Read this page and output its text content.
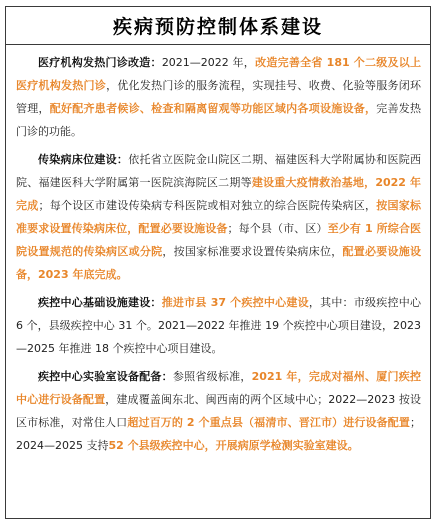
疾病预防控制体系建设

医疗机构发热门诊改造：2021—2022 年，改造完善全省 181 个二级及以上医疗机构发热门诊，优化发热门诊的服务流程，实现挂号、收费、化验等服务闭环管理，配好配齐患者候诊、检查和隔离留观等功能区域内各项设施设备，完善发热门诊的功能。

传染病床位建设：依托省立医院金山院区二期、福建医科大学附属协和医院西院、福建医科大学附属第一医院滨海院区二期等建设重大疫情救治基地，2022 年完成；每个设区市建设传染病专科医院或相对独立的综合医院传染病区，按国家标准要求设置传染病床位，配置必要设施设备；每个县（市、区）至少有 1 所综合医院设置规范的传染病区或分院，按国家标准要求设置传染病床位，配置必要设施设备，2023 年底完成。

疾控中心基础设施建设：推进市县 37 个疾控中心建设，其中：市级疾控中心 6 个，县级疾控中心 31 个。2021—2022 年推进 19 个疾控中心项目建设，2023—2025 年推进 18 个疾控中心项目建设。

疾控中心实验室设备配备：参照省级标准，2021 年，完成对福州、厦门疾控中心进行设备配置，建成覆盖闽东北、闽西南的两个区域中心；2022—2023 按设区市标准，对常住人口超过百万的 2 个重点县（福清市、晋江市）进行设备配置；2024—2025 支持52 个县级疾控中心，开展病原学检测实验室建设。
